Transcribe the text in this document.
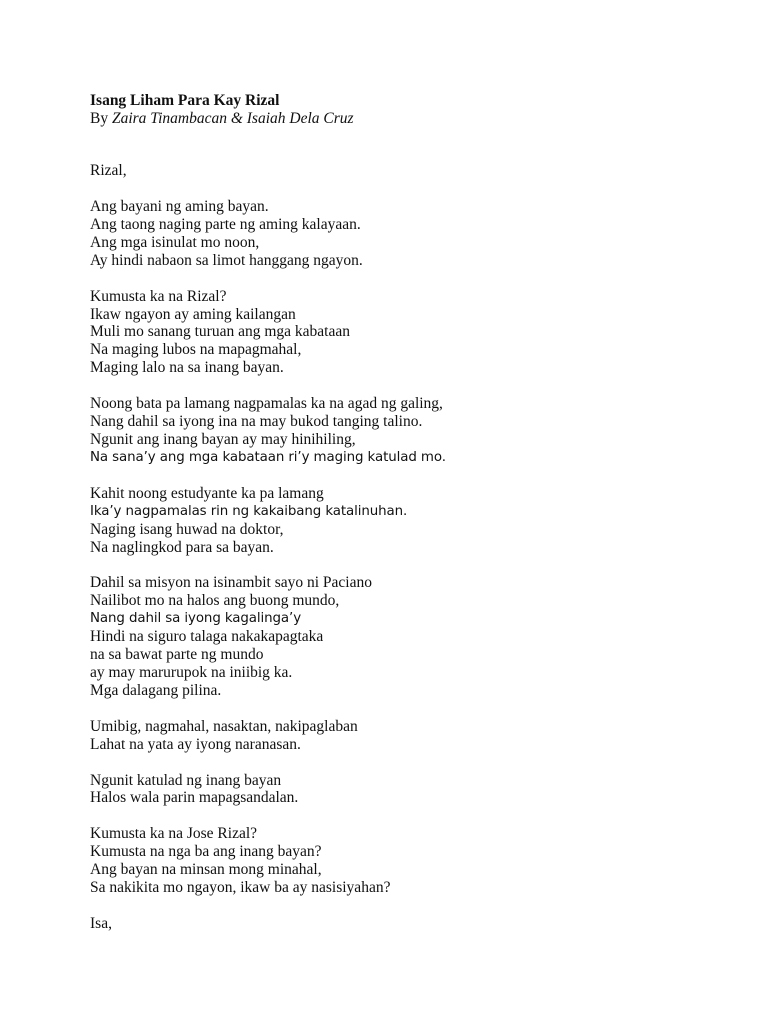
Isang Liham Para Kay Rizal

By Zaira Tinambacan & Isaiah Dela Cruz

Rizal,

Ang bayani ng aming bayan.
Ang taong naging parte ng aming kalayaan.
Ang mga isinulat mo noon,
Ay hindi nabaon sa limot hanggang ngayon.
Kumusta ka na Rizal?
Ikaw ngayon ay aming kailangan
Muli mo sanang turuan ang mga kabataan
Na maging lubos na mapagmahal,
Maging lalo na sa inang bayan.
Noong bata pa lamang nagpamalas ka na agad ng galing,
Nang dahil sa iyong ina na may bukod tanging talino.
Ngunit ang inang bayan ay may hinihiling,
Na sana’y ang mga kabataan ri’y maging katulad mo.
Kahit noong estudyante ka pa lamang
Ika’y nagpamalas rin ng kakaibang katalinuhan.
Naging isang huwad na doktor,
Na naglingkod para sa bayan.
Dahil sa misyon na isinambit sayo ni Paciano
Nailibot mo na halos ang buong mundo,
Nang dahil sa iyong kagalinga’y
Hindi na siguro talaga nakakapagtaka
na sa bawat parte ng mundo
ay may marurupok na iniibig ka.
Mga dalagang pilina.
Umibig, nagmahal, nasaktan, nakipaglaban
Lahat na yata ay iyong naranasan.
Ngunit katulad ng inang bayan
Halos wala parin mapagsandalan.
Kumusta ka na Jose Rizal?
Kumusta na nga ba ang inang bayan?
Ang bayan na minsan mong minahal,
Sa nakikita mo ngayon, ikaw ba ay nasisiyahan?

Isa,
